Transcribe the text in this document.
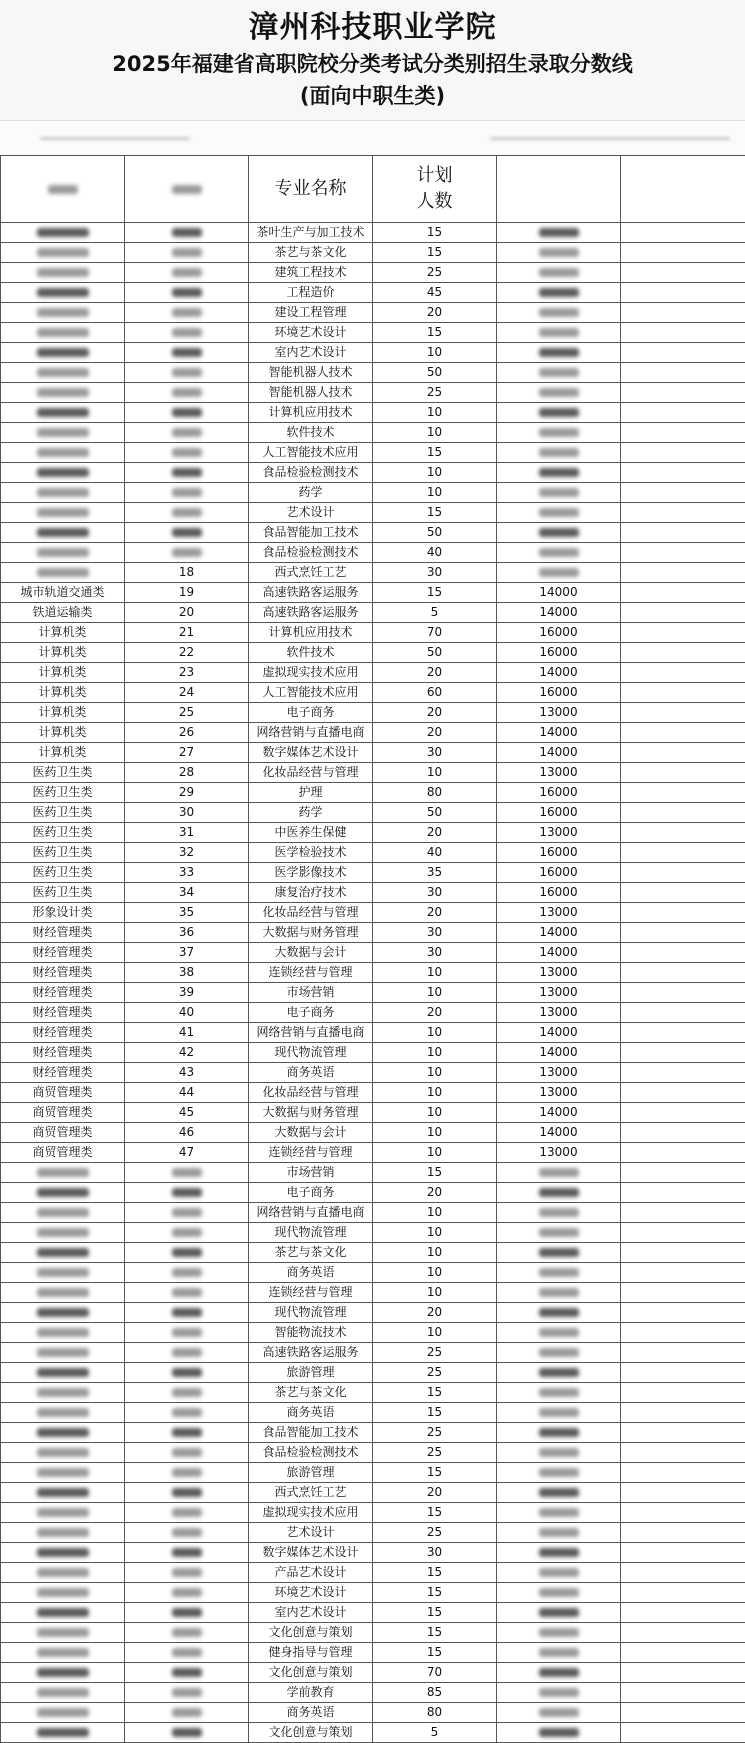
漳州科技职业学院
2025年福建省高职院校分类考试分类别招生录取分数线
(面向中职生类)
		专业名称	计划
人数		
		茶叶生产与加工技术	15		
		茶艺与茶文化	15		
		建筑工程技术	25		
		工程造价	45		
		建设工程管理	20		
		环境艺术设计	15		
		室内艺术设计	10		
		智能机器人技术	50		
		智能机器人技术	25		
		计算机应用技术	10		
		软件技术	10		
		人工智能技术应用	15		
		食品检验检测技术	10		
		药学	10		
		艺术设计	15		
		食品智能加工技术	50		
		食品检验检测技术	40		
	18	西式烹饪工艺	30		
城市轨道交通类	19	高速铁路客运服务	15	14000	
铁道运输类	20	高速铁路客运服务	5	14000	
计算机类	21	计算机应用技术	70	16000	
计算机类	22	软件技术	50	16000	
计算机类	23	虚拟现实技术应用	20	14000	
计算机类	24	人工智能技术应用	60	16000	
计算机类	25	电子商务	20	13000	
计算机类	26	网络营销与直播电商	20	14000	
计算机类	27	数字媒体艺术设计	30	14000	
医药卫生类	28	化妆品经营与管理	10	13000	
医药卫生类	29	护理	80	16000	
医药卫生类	30	药学	50	16000	
医药卫生类	31	中医养生保健	20	13000	
医药卫生类	32	医学检验技术	40	16000	
医药卫生类	33	医学影像技术	35	16000	
医药卫生类	34	康复治疗技术	30	16000	
形象设计类	35	化妆品经营与管理	20	13000	
财经管理类	36	大数据与财务管理	30	14000	
财经管理类	37	大数据与会计	30	14000	
财经管理类	38	连锁经营与管理	10	13000	
财经管理类	39	市场营销	10	13000	
财经管理类	40	电子商务	20	13000	
财经管理类	41	网络营销与直播电商	10	14000	
财经管理类	42	现代物流管理	10	14000	
财经管理类	43	商务英语	10	13000	
商贸管理类	44	化妆品经营与管理	10	13000	
商贸管理类	45	大数据与财务管理	10	14000	
商贸管理类	46	大数据与会计	10	14000	
商贸管理类	47	连锁经营与管理	10	13000	
		市场营销	15		
		电子商务	20		
		网络营销与直播电商	10		
		现代物流管理	10		
		茶艺与茶文化	10		
		商务英语	10		
		连锁经营与管理	10		
		现代物流管理	20		
		智能物流技术	10		
		高速铁路客运服务	25		
		旅游管理	25		
		茶艺与茶文化	15		
		商务英语	15		
		食品智能加工技术	25		
		食品检验检测技术	25		
		旅游管理	15		
		西式烹饪工艺	20		
		虚拟现实技术应用	15		
		艺术设计	25		
		数字媒体艺术设计	30		
		产品艺术设计	15		
		环境艺术设计	15		
		室内艺术设计	15		
		文化创意与策划	15		
		健身指导与管理	15		
		文化创意与策划	70		
		学前教育	85		
		商务英语	80		
		文化创意与策划	5		
